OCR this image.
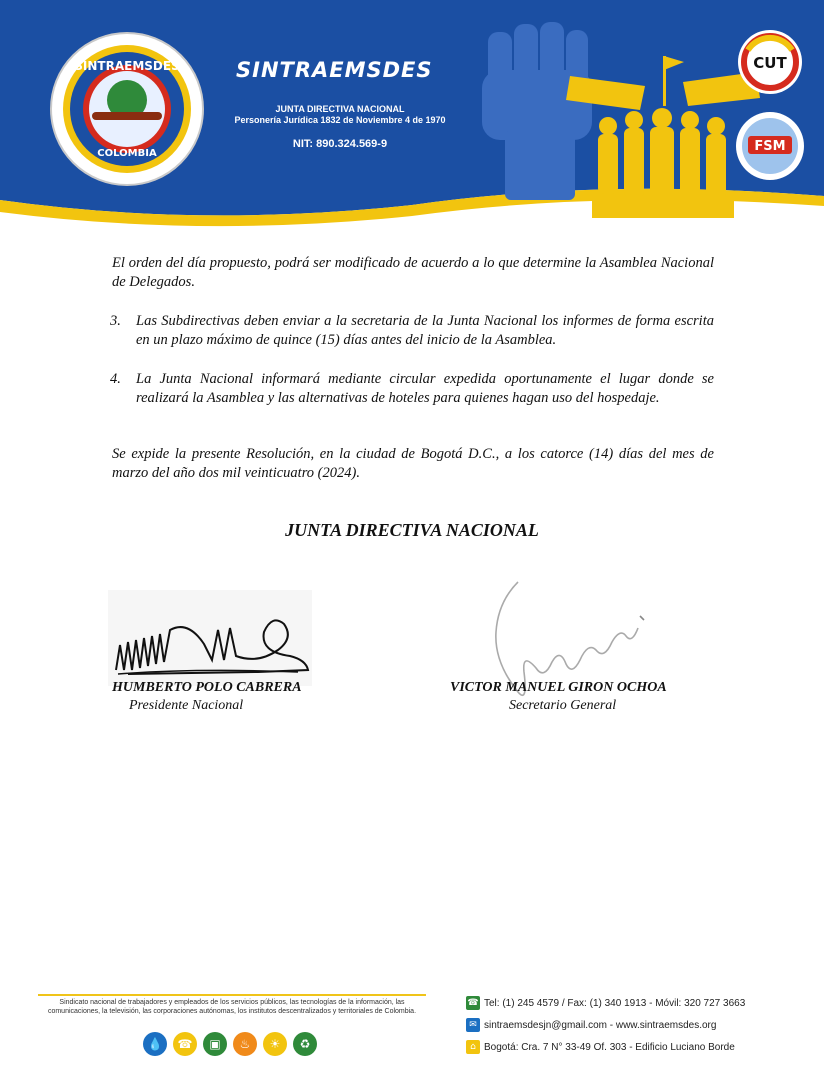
SINTRAEMSDES
COLOMBIA
CUT
FSM
SINTRAEMSDES
JUNTA DIRECTIVA NACIONAL
Personería Jurídica 1832 de Noviembre 4 de 1970
NIT: 890.324.569-9
El orden del día propuesto, podrá ser modificado de acuerdo a lo que determine la Asamblea Nacional de Delegados.
3. Las Subdirectivas deben enviar a la secretaria de la Junta Nacional los informes de forma escrita en un plazo máximo de quince (15) días antes del inicio de la Asamblea.
4. La Junta Nacional informará mediante circular expedida oportunamente el lugar donde se realizará la Asamblea y las alternativas de hoteles para quienes hagan uso del hospedaje.
Se expide la presente Resolución, en la ciudad de Bogotá D.C., a los catorce (14) días del mes de marzo del año dos mil veinticuatro (2024).
JUNTA DIRECTIVA NACIONAL
HUMBERTO POLO CABRERA
Presidente Nacional
VICTOR MANUEL GIRON OCHOA
Secretario General
Sindicato nacional de trabajadores y empleados de los servicios públicos, las tecnologías de la información, las comunicaciones, la televisión, las corporaciones autónomas, los institutos descentralizados y territoriales de Colombia.
💧	☎	▣	♨	☀	♻
☎ Tel: (1) 245 4579 / Fax: (1) 340 1913 - Móvil: 320 727 3663
✉ sintraemsdesjn@gmail.com - www.sintraemsdes.org
⌂ Bogotá: Cra. 7 N° 33-49 Of. 303 - Edificio Luciano Borde
